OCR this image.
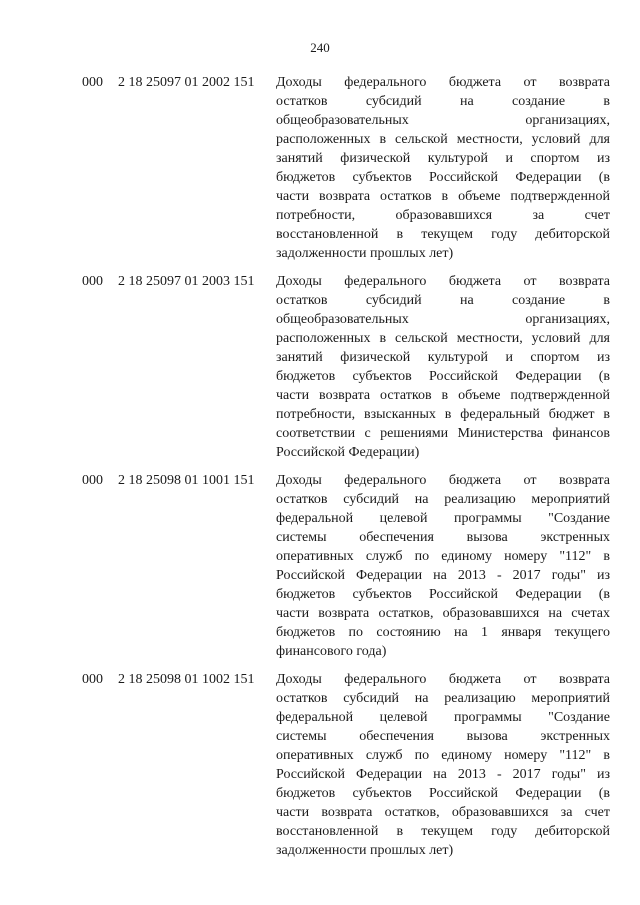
240
000	2 18 25097 01 2002 151	Доходы федерального бюджета от возврата
остатков субсидий на создание в
общеобразовательных организациях,
расположенных в сельской местности, условий для
занятий физической культурой и спортом из
бюджетов субъектов Российской Федерации (в
части возврата остатков в объеме подтвержденной
потребности, образовавшихся за счет
восстановленной в текущем году дебиторской
задолженности прошлых лет)
000	2 18 25097 01 2003 151	Доходы федерального бюджета от возврата
остатков субсидий на создание в
общеобразовательных организациях,
расположенных в сельской местности, условий для
занятий физической культурой и спортом из
бюджетов субъектов Российской Федерации (в
части возврата остатков в объеме подтвержденной
потребности, взысканных в федеральный бюджет в
соответствии с решениями Министерства финансов
Российской Федерации)
000	2 18 25098 01 1001 151	Доходы федерального бюджета от возврата
остатков субсидий на реализацию мероприятий
федеральной целевой программы "Создание
системы обеспечения вызова экстренных
оперативных служб по единому номеру "112" в
Российской Федерации на 2013 - 2017 годы" из
бюджетов субъектов Российской Федерации (в
части возврата остатков, образовавшихся на счетах
бюджетов по состоянию на 1 января текущего
финансового года)
000	2 18 25098 01 1002 151	Доходы федерального бюджета от возврата
остатков субсидий на реализацию мероприятий
федеральной целевой программы "Создание
системы обеспечения вызова экстренных
оперативных служб по единому номеру "112" в
Российской Федерации на 2013 - 2017 годы" из
бюджетов субъектов Российской Федерации (в
части возврата остатков, образовавшихся за счет
восстановленной в текущем году дебиторской
задолженности прошлых лет)
